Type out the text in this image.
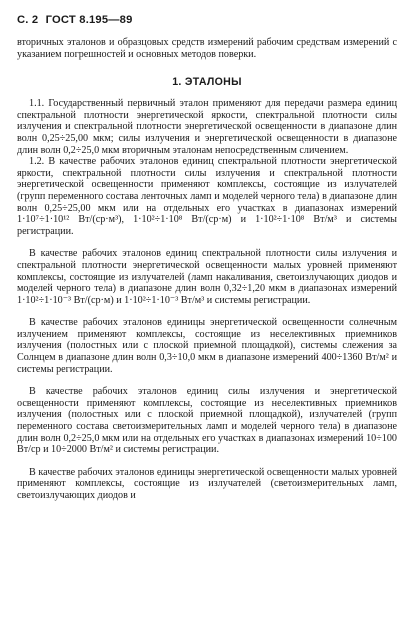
С. 2 ГОСТ 8.195—89

вторичных эталонов и образцовых средств измерений рабочим средствам измерений с указанием погрешностей и основных методов поверки.

1. ЭТАЛОНЫ

1.1. Государственный первичный эталон применяют для передачи размера единиц спектральной плотности энергетической яркости, спектральной плотности силы излучения и спектральной плотности энергетической освещенности в диапазоне длин волн 0,25÷25,00 мкм; силы излучения и энергетической освещенности в диапазоне длин волн 0,2÷25,0 мкм вторичным эталонам непосредственным сличением.

1.2. В качестве рабочих эталонов единиц спектральной плотности энергетической яркости, спектральной плотности силы излучения и спектральной плотности энергетической освещенности применяют комплексы, состоящие из излучателей (групп переменного состава ленточных ламп и моделей черного тела) в диапазоне длин волн 0,25÷25,00 мкм или на отдельных его участках в диапазонах измерений 1·10⁷÷1·10¹² Вт/(ср·м³), 1·10²÷1·10⁸ Вт/(ср·м) и 1·10²÷1·10⁸ Вт/м³ и системы регистрации.

В качестве рабочих эталонов единиц спектральной плотности силы излучения и спектральной плотности энергетической освещенности малых уровней применяют комплексы, состоящие из излучателей (ламп накаливания, светоизлучающих диодов и моделей черного тела) в диапазоне длин волн 0,32÷1,20 мкм в диапазонах измерений 1·10²÷1·10⁻³ Вт/(ср·м) и 1·10²÷1·10⁻³ Вт/м³ и системы регистрации.

В качестве рабочих эталонов единицы энергетической освещенности солнечным излучением применяют комплексы, состоящие из неселективных приемников излучения (полостных или с плоской приемной площадкой), системы слежения за Солнцем в диапазоне длин волн 0,3÷10,0 мкм в диапазоне измерений 400÷1360 Вт/м² и системы регистрации.

В качестве рабочих эталонов единиц силы излучения и энергетической освещенности применяют комплексы, состоящие из неселективных приемников излучения (полостных или с плоской приемной площадкой), излучателей (групп переменного состава светоизмерительных ламп и моделей черного тела) в диапазоне длин волн 0,2÷25,0 мкм или на отдельных его участках в диапазонах измерений 10÷100 Вт/ср и 10÷2000 Вт/м² и системы регистрации.

В качестве рабочих эталонов единицы энергетической освещенности малых уровней применяют комплексы, состоящие из излучателей (светоизмерительных ламп, светоизлучающих диодов и
